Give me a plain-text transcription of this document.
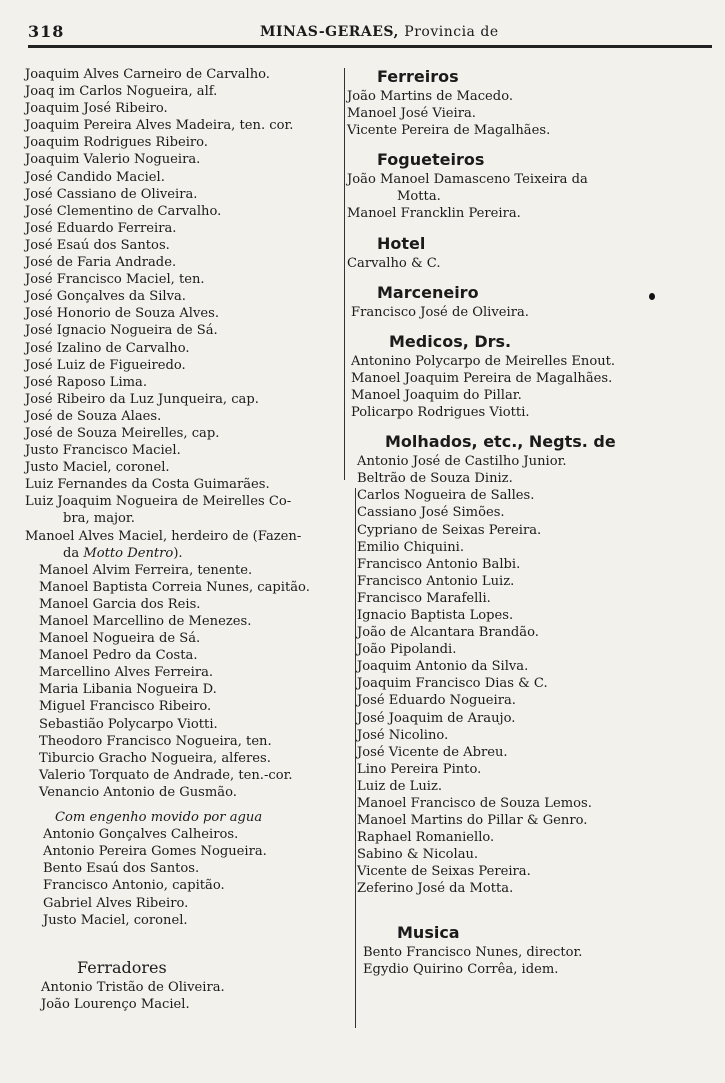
318	MINAS-GERAES, Provincia de
Joaquim Alves Carneiro de Carvalho.
Joaq im Carlos Noguеira, alf.
Joaquim José Ribeiro.
Joaquim Pereira Alves Madeira, ten. cor.
Joaquim Rodrigues Ribeiro.
Joaquim Valerio Nogueira.
José Candido Maciel.
José Cassiano de Oliveira.
José Clementino de Carvalho.
José Eduardo Ferreira.
José Esaú dos Santos.
José de Faria Andrade.
José Francisco Maciel, ten.
José Gonçalves da Silva.
José Honorio de Souza Alves.
José Ignacio Nogueira de Sá.
José Izalino de Carvalho.
José Luiz de Figueiredo.
José Raposo Lima.
José Ribeiro da Luz Junqueira, cap.
José de Souza Alaes.
José de Souza Meirelles, cap.
Justo Francisco Maciel.
Justo Maciel, coronel.
Luiz Fernandes da Costa Guimarães.
Luiz Joaquim Nogueira de Meirelles Co-
bra, major.
Manoel Alves Maciel, herdeiro de (Fazen-
da Motto Dentro).
Manoel Alvim Ferreira, tenente.
Manoel Baptista Correia Nunes, capitão.
Manoel Garcia dos Reis.
Manoel Marcellino de Menezes.
Manoel Nogueira de Sá.
Manoel Pedro da Costa.
Marcellino Alves Ferreira.
Maria Libania Nogueira D.
Miguel Francisco Ribeiro.
Sebastião Polycarpo Viotti.
Theodoro Francisco Nogueira, ten.
Tiburcio Gracho Nogueira, alferes.
Valerio Torquato de Andrade, ten.-cor.
Venancio Antonio de Gusmão.
Com engenho movido por agua
Antonio Gonçalves Calheiros.
Antonio Pereira Gomes Nogueira.
Bento Esaú dos Santos.
Francisco Antonio, capitão.
Gabriel Alves Ribeiro.
Justo Maciel, coronel.
Ferradores
Antonio Tristão de Oliveira.
João Lourenço Maciel.
Ferreiros
João Martins de Macedo.
Manoel José Vieira.
Vicente Pereira de Magalhães.
Fogueteiros
João Manoel Damasceno Teixeira da
Motta.
Manoel Francklin Pereira.
Hotel
Carvalho & C.
Marceneiro
Francisco José de Oliveira.
Medicos, Drs.
Antonino Polycarpo de Meirelles Enout.
Manoel Joaquim Pereira de Magalhães.
Manoel Joaquim do Pillar.
Policarpo Rodrigues Viotti.
Molhados, etc., Negts. de
Antonio José de Castilho Junior.
Beltrão de Souza Diniz.
Carlos Nogueira de Salles.
Cassiano José Simões.
Cypriano de Seixas Pereira.
Emilio Chiquini.
Francisco Antonio Balbi.
Francisco Antonio Luiz.
Francisco Marafelli.
Ignacio Baptista Lopes.
João de Alcantara Brandão.
João Pipolandi.
Joaquim Antonio da Silva.
Joaquim Francisco Dias & C.
José Eduardo Nogueira.
José Joaquim de Araujo.
José Nicolino.
José Vicente de Abreu.
Lino Pereira Pinto.
Luiz de Luiz.
Manoel Francisco de Souza Lemos.
Manoel Martins do Pillar & Genro.
Raphael Romaniello.
Sabino & Nicolau.
Vicente de Seixas Pereira.
Zeferino José da Motta.
Musica
Bento Francisco Nunes, director.
Egydio Quirino Corrêa, idem.
